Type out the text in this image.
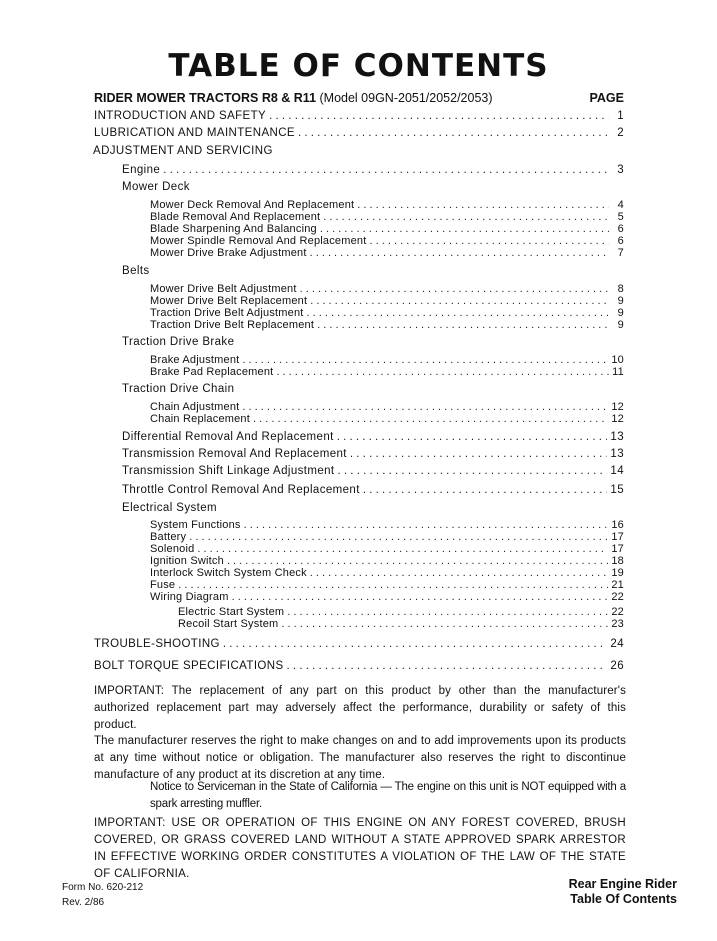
TABLE OF CONTENTS
RIDER MOWER TRACTORS R8 & R11 (Model 09GN-2051/2052/2053)	PAGE
INTRODUCTION AND SAFETY . . .	1
LUBRICATION AND MAINTENANCE . . .	2
ADJUSTMENT AND SERVICING
Engine . . .	3
Mower Deck
Mower Deck Removal And Replacement . . .	4
Blade Removal And Replacement . . .	5
Blade Sharpening And Balancing . . .	6
Mower Spindle Removal And Replacement . . .	6
Mower Drive Brake Adjustment . . .	7
Belts
Mower Drive Belt Adjustment . . .	8
Mower Drive Belt Replacement . . .	9
Traction Drive Belt Adjustment . . .	9
Traction Drive Belt Replacement . . .	9
Traction Drive Brake
Brake Adjustment . . .	10
Brake Pad Replacement . . .	11
Traction Drive Chain
Chain Adjustment . . .	12
Chain Replacement . . .	12
Differential Removal And Replacement . . .	13
Transmission Removal And Replacement . . .	13
Transmission Shift Linkage Adjustment . . .	14
Throttle Control Removal And Replacement . . .	15
Electrical System
System Functions . . .	16
Battery . . .	17
Solenoid . . .	17
Ignition Switch . . .	18
Interlock Switch System Check . . .	19
Fuse . . .	21
Wiring Diagram . . .	22
Electric Start System . . .	22
Recoil Start System . . .	23
TROUBLE-SHOOTING . . .	24
BOLT TORQUE SPECIFICATIONS . . .	26
IMPORTANT: The replacement of any part on this product by other than the manufacturer's authorized replacement part may adversely affect the performance, durability or safety of this product.
The manufacturer reserves the right to make changes on and to add improvements upon its products at any time without notice or obligation. The manufacturer also reserves the right to discontinue manufacture of any product at its discretion at any time.
Notice to Serviceman in the State of California — The engine on this unit is NOT equipped with a spark arresting muffler.
IMPORTANT: USE OR OPERATION OF THIS ENGINE ON ANY FOREST COVERED, BRUSH COVERED, OR GRASS COVERED LAND WITHOUT A STATE APPROVED SPARK ARRESTOR IN EFFECTIVE WORKING ORDER CONSTITUTES A VIOLATION OF THE LAW OF THE STATE OF CALIFORNIA.
Form No. 620-212
Rev. 2/86
Rear Engine Rider
Table Of Contents
